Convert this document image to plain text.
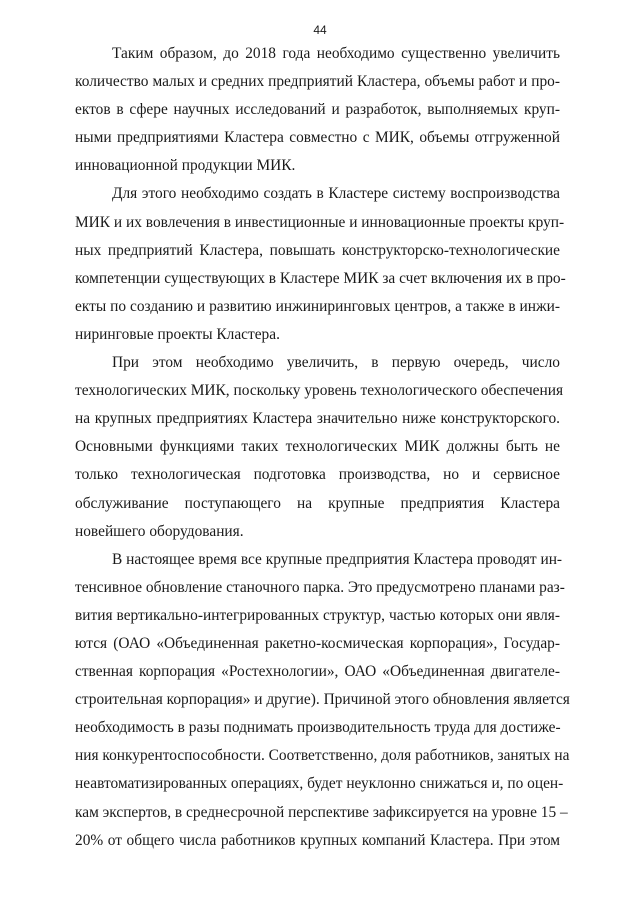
44
Таким образом, до 2018 года необходимо существенно увеличить
количество малых и средних предприятий Кластера, объемы работ и про-
ектов в сфере научных исследований и разработок, выполняемых круп-
ными предприятиями Кластера совместно с МИК, объемы отгруженной
инновационной продукции МИК.
Для этого необходимо создать в Кластере систему воспроизводства
МИК и их вовлечения в инвестиционные и инновационные проекты круп-
ных предприятий Кластера, повышать конструкторско-технологические
компетенции существующих в Кластере МИК за счет включения их в про-
екты по созданию и развитию инжиниринговых центров, а также в инжи-
ниринговые проекты Кластера.
При этом необходимо увеличить, в первую очередь, число
технологических МИК, поскольку уровень технологического обеспечения
на крупных предприятиях Кластера значительно ниже конструкторского.
Основными функциями таких технологических МИК должны быть не
только технологическая подготовка производства, но и сервисное
обслуживание поступающего на крупные предприятия Кластера
новейшего оборудования.
В настоящее время все крупные предприятия Кластера проводят ин-
тенсивное обновление станочного парка. Это предусмотрено планами раз-
вития вертикально-интегрированных структур, частью которых они явля-
ются (ОАО «Объединенная ракетно-космическая корпорация», Государ-
ственная корпорация «Ростехнологии», ОАО «Объединенная двигателе-
строительная корпорация» и другие). Причиной этого обновления является
необходимость в разы поднимать производительность труда для достиже-
ния конкурентоспособности. Соответственно, доля работников, занятых на
неавтоматизированных операциях, будет неуклонно снижаться и, по оцен-
кам экспертов, в среднесрочной перспективе зафиксируется на уровне 15 –
20% от общего числа работников крупных компаний Кластера. При этом
